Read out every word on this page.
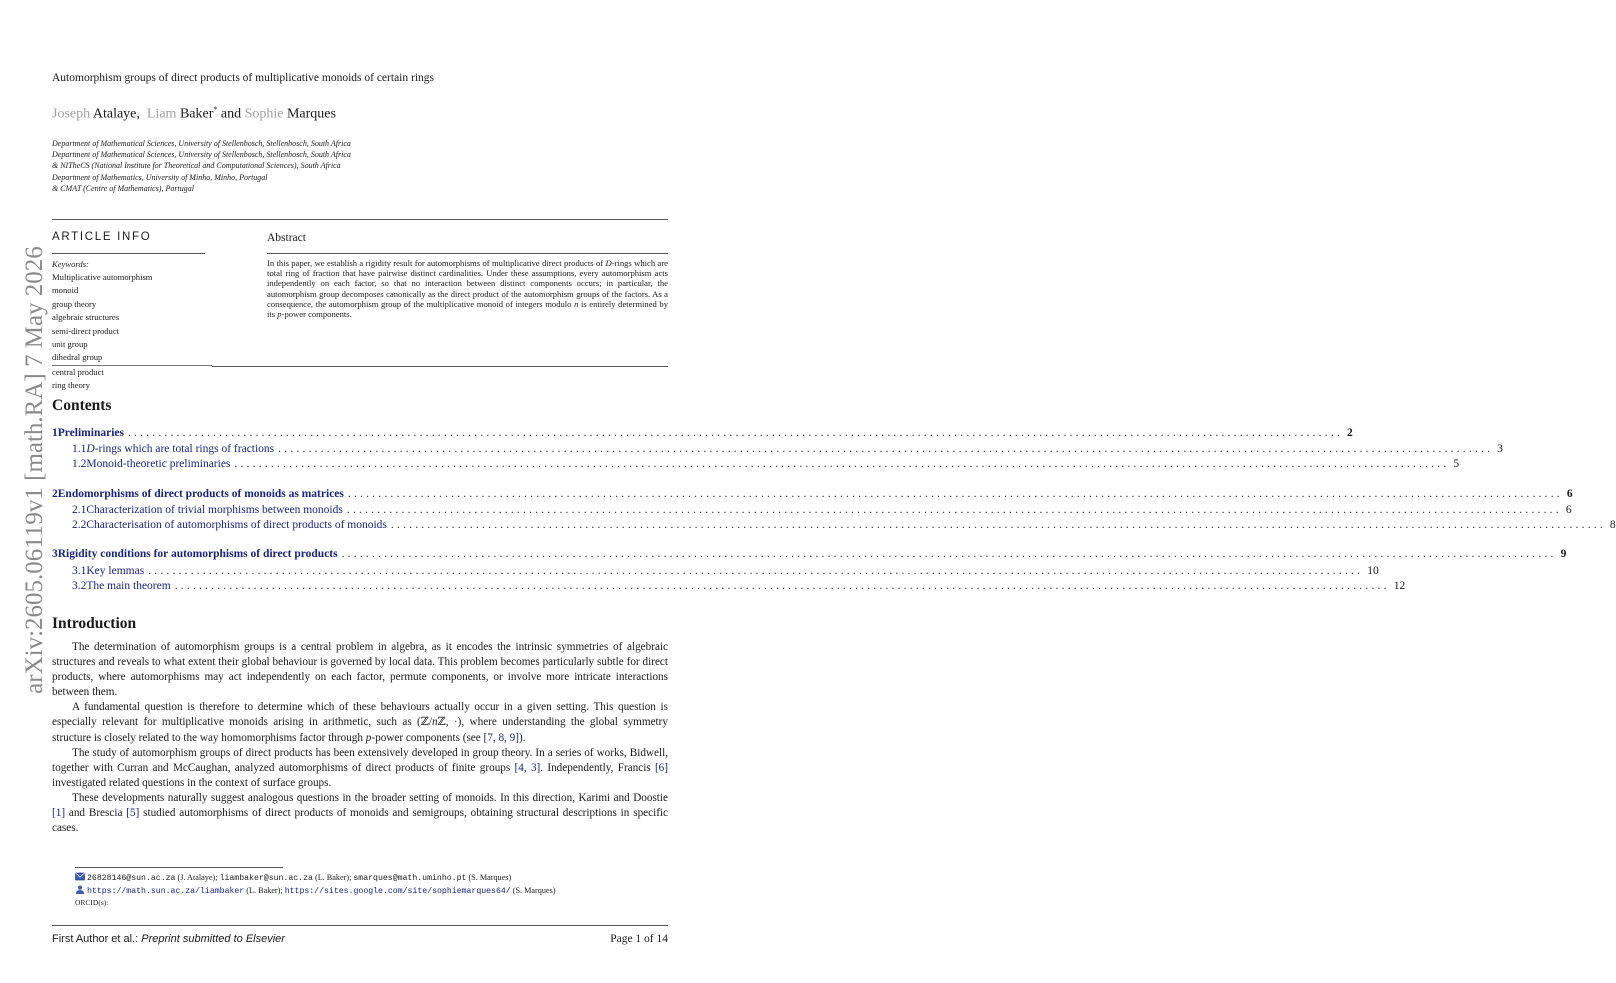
arXiv:2605.06119v1 [math.RA] 7 May 2026
Automorphism groups of direct products of multiplicative monoids of certain rings
Joseph Atalaye, Liam Baker* and Sophie Marques
Department of Mathematical Sciences, University of Stellenbosch, Stellenbosch, South Africa
Department of Mathematical Sciences, University of Stellenbosch, Stellenbosch, South Africa
& NITheCS (National Institute for Theoretical and Computational Sciences), South Africa
Department of Mathematics, University of Minho, Minho, Portugal
& CMAT (Centre of Mathematics), Portugal
ARTICLE INFO
Keywords:
Multiplicative automorphism
monoid
group theory
algebraic structures
semi-direct product
unit group
dihedral group
central product
ring theory
Abstract
In this paper, we establish a rigidity result for automorphisms of multiplicative direct products of D-rings which are total ring of fraction that have pairwise distinct cardinalities. Under these assumptions, every automorphism acts independently on each factor, so that no interaction between distinct components occurs; in particular, the automorphism group decomposes canonically as the direct product of the automorphism groups of the factors. As a consequence, the automorphism group of the multiplicative monoid of integers modulo n is entirely determined by its p-power components.
Contents
1 Preliminaries ........................................................................................................................................................................................................ 2
1.1 D-rings which are total rings of fractions ........................................................................................................................................................................................................ 3
1.2 Monoid-theoretic preliminaries ........................................................................................................................................................................................................ 5
2 Endomorphisms of direct products of monoids as matrices ........................................................................................................................................................................................................ 6
2.1 Characterization of trivial morphisms between monoids ........................................................................................................................................................................................................ 6
2.2 Characterisation of automorphisms of direct products of monoids ........................................................................................................................................................................................................ 8
3 Rigidity conditions for automorphisms of direct products ........................................................................................................................................................................................................ 9
3.1 Key lemmas ........................................................................................................................................................................................................ 10
3.2 The main theorem ........................................................................................................................................................................................................ 12
Introduction

The determination of automorphism groups is a central problem in algebra, as it encodes the intrinsic symmetries of algebraic structures and reveals to what extent their global behaviour is governed by local data. This problem becomes particularly subtle for direct products, where automorphisms may act independently on each factor, permute components, or involve more intricate interactions between them.

A fundamental question is therefore to determine which of these behaviours actually occur in a given setting. This question is especially relevant for multiplicative monoids arising in arithmetic, such as (ℤ/nℤ, ·), where understanding the global symmetry structure is closely related to the way homomorphisms factor through p-power components (see [7, 8, 9]).

The study of automorphism groups of direct products has been extensively developed in group theory. In a series of works, Bidwell, together with Curran and McCaughan, analyzed automorphisms of direct products of finite groups [4, 3]. Independently, Francis [6] investigated related questions in the context of surface groups.

These developments naturally suggest analogous questions in the broader setting of monoids. In this direction, Karimi and Doostie [1] and Brescia [5] studied automorphisms of direct products of monoids and semigroups, obtaining structural descriptions in specific cases.

26828146@sun.ac.za (J. Atalaye); liambaker@sun.ac.za (L. Baker); smarques@math.uminho.pt (S. Marques)
https://math.sun.ac.za/liambaker (L. Baker); https://sites.google.com/site/sophiemarques64/ (S. Marques)
ORCID(s):
First Author et al.: Preprint submitted to Elsevier	Page 1 of 14
